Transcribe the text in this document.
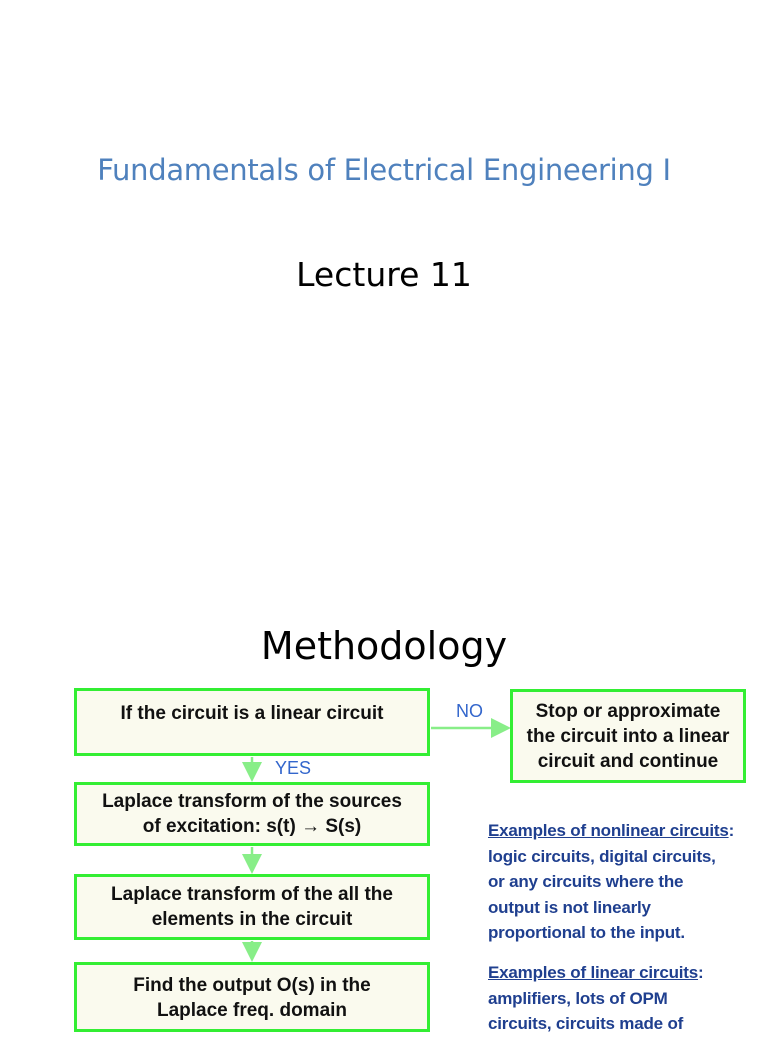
Fundamentals of Electrical Engineering I
Lecture 11
Methodology
If the circuit is a linear circuit
Laplace transform of the sources
of excitation: s(t) → S(s)
Laplace transform of the all the
elements in the circuit
Find the output O(s) in the
Laplace freq. domain
Stop or approximate
the circuit into a linear
circuit and continue
NO
YES
Examples of nonlinear circuits:
logic circuits, digital circuits,
or any circuits where the
output is not linearly
proportional to the input.
Examples of linear circuits:
amplifiers, lots of OPM
circuits, circuits made of
